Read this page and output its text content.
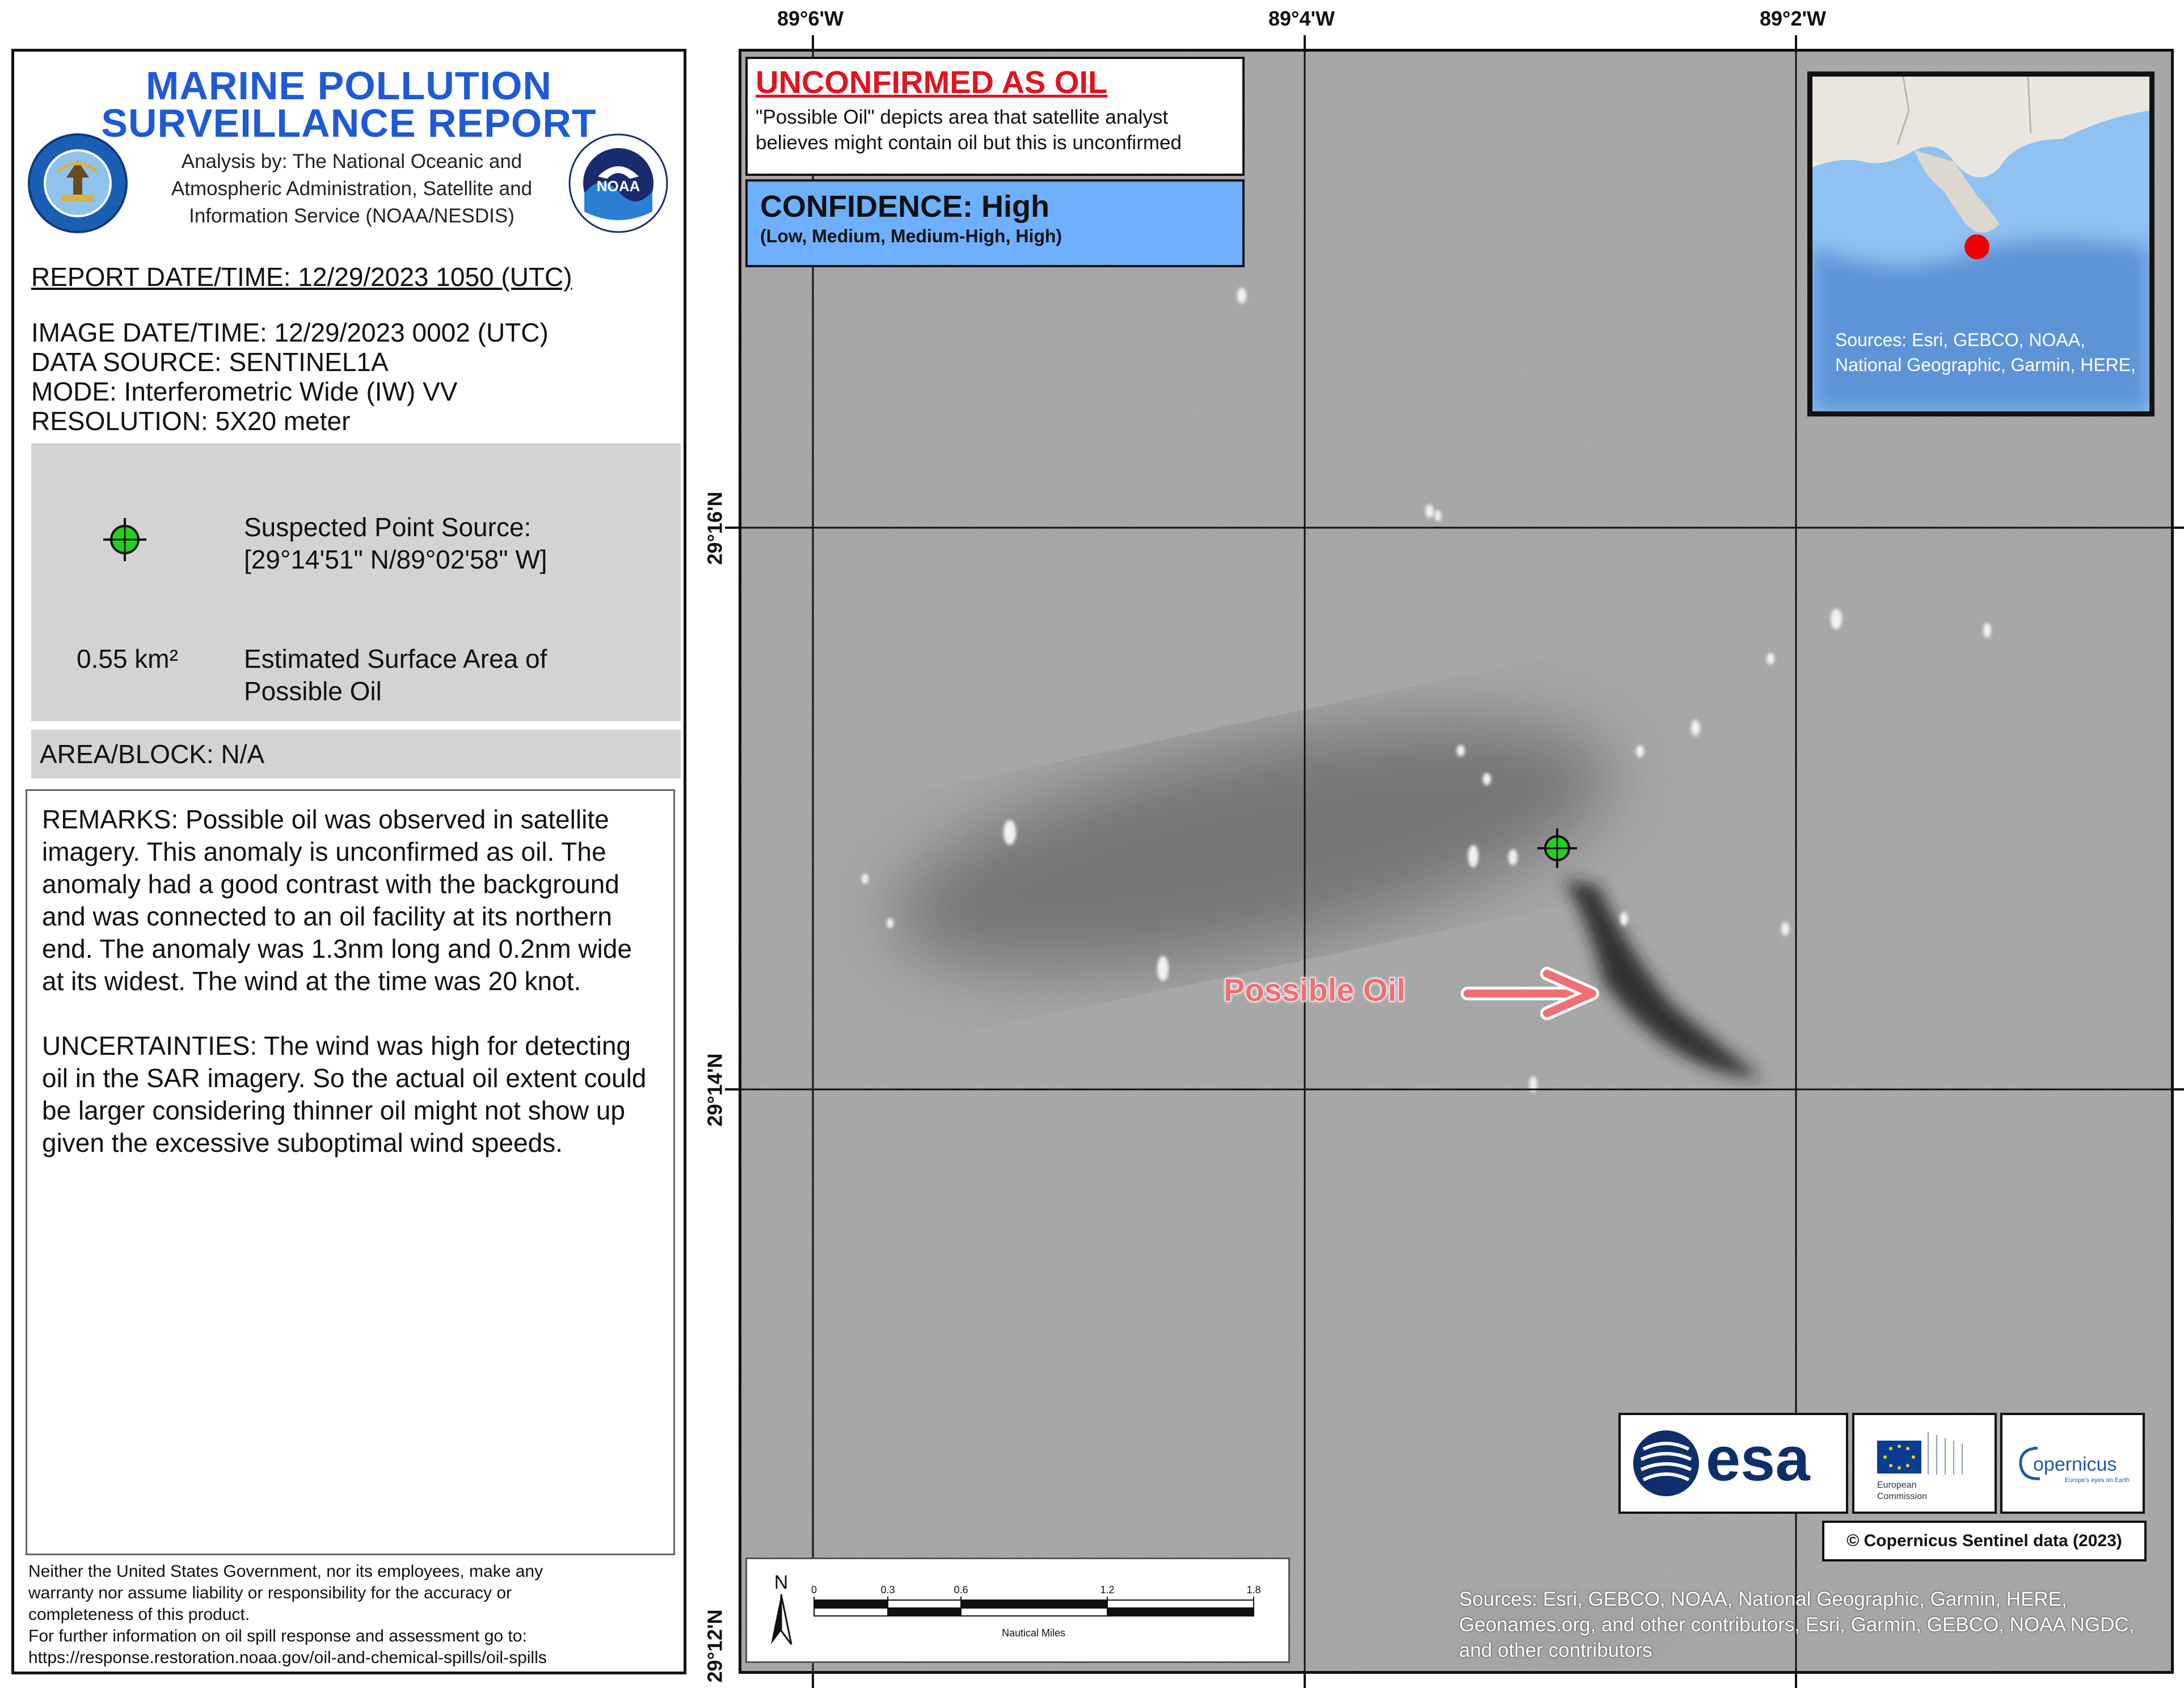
MARINE POLLUTION
SURVEILLANCE REPORT
Analysis by: The National Oceanic and
Atmospheric Administration, Satellite and
Information Service (NOAA/NESDIS)
NOAA
REPORT DATE/TIME: 12/29/2023 1050 (UTC)
IMAGE DATE/TIME: 12/29/2023 0002 (UTC)
DATA SOURCE: SENTINEL1A
MODE: Interferometric Wide (IW) VV
RESOLUTION: 5X20 meter
Suspected Point Source:
[29°14'51" N/89°02'58" W]
0.55 km²	Estimated Surface Area of
Possible Oil
AREA/BLOCK: N/A
REMARKS: Possible oil was observed in satellite imagery. This anomaly is unconfirmed as oil. The anomaly had a good contrast with the background and was connected to an oil facility at its northern end. The anomaly was 1.3nm long and 0.2nm wide at its widest. The wind at the time was 20 knot.
UNCERTAINTIES: The wind was high for detecting oil in the SAR imagery. So the actual oil extent could be larger considering thinner oil might not show up given the excessive suboptimal wind speeds.
Neither the United States Government, nor its employees, make any
warranty nor assume liability or responsibility for the accuracy or
completeness of this product.
For further information on oil spill response and assessment go to:
https://response.restoration.noaa.gov/oil-and-chemical-spills/oil-spills
89°6'W	89°4'W	89°2'W
29°16'N
29°14'N
29°12'N
UNCONFIRMED AS OIL
"Possible Oil" depicts area that satellite analyst
believes might contain oil but this is unconfirmed
CONFIDENCE: High
(Low, Medium, Medium-High, High)
Sources: Esri, GEBCO, NOAA, National Geographic, Garmin, HERE,
Possible Oil
esa	European
Commission
opernicus
Europe's eyes on Earth
© Copernicus Sentinel data (2023)
N 0	0.3	0.6	1.2	1.8
Nautical Miles
Sources: Esri, GEBCO, NOAA, National Geographic, Garmin, HERE, Geonames.org, and other contributors, Esri, Garmin, GEBCO, NOAA NGDC, and other contributors
